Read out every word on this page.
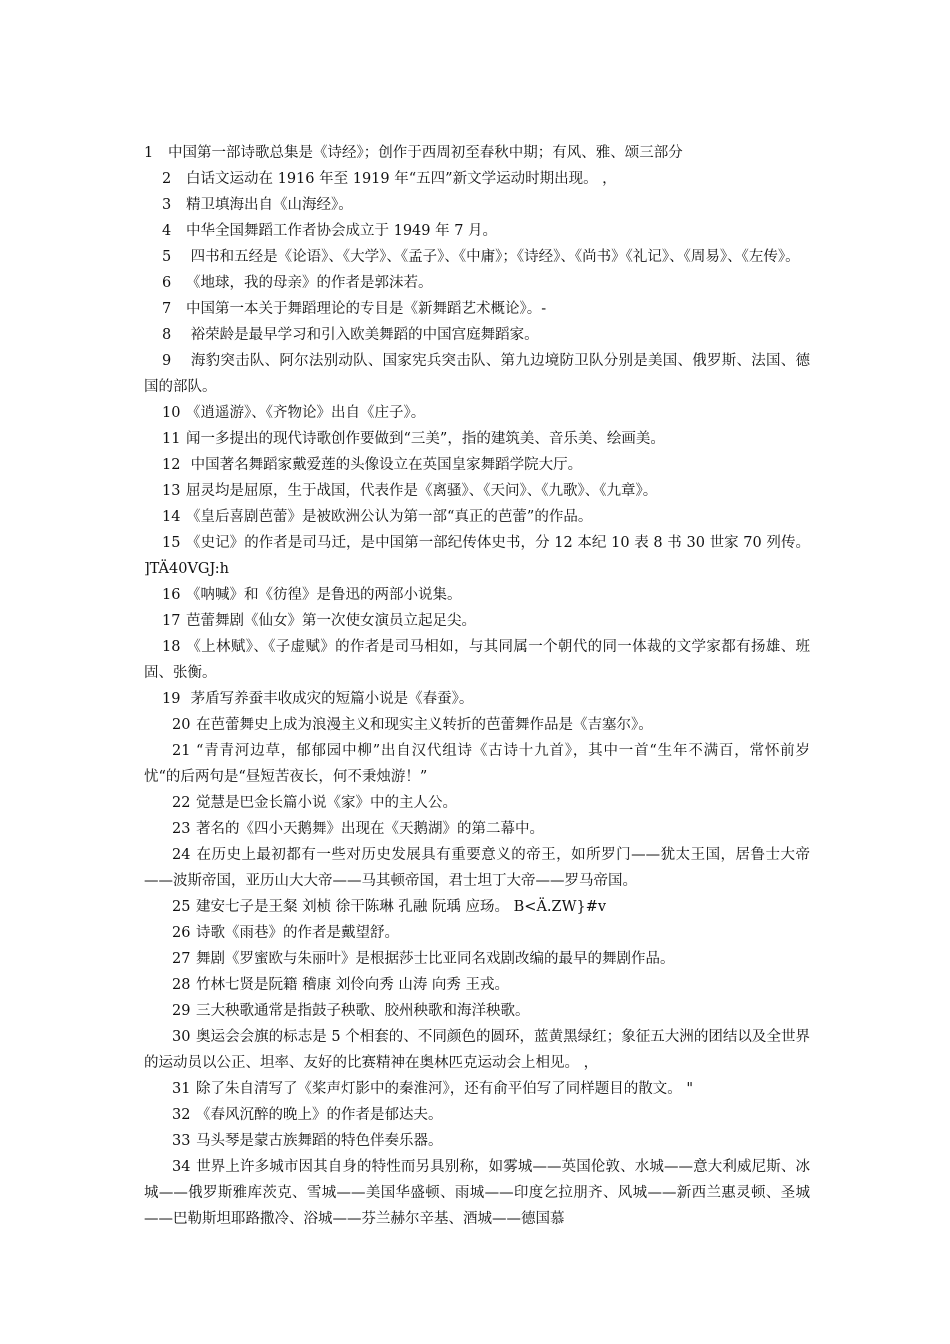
1 中国第一部诗歌总集是《诗经》；创作于西周初至春秋中期；有风、雅、颂三部分

2 白话文运动在 1916 年至 1919 年“五四”新文学运动时期出现。 ，

3 精卫填海出自《山海经》。

4 中华全国舞蹈工作者协会成立于 1949 年 7 月。

5 四书和五经是《论语》、《大学》、《孟子》、《中庸》；《诗经》、《尚书》《礼记》、《周易》、《左传》。

6 《地球，我的母亲》的作者是郭沫若。

7 中国第一本关于舞蹈理论的专目是《新舞蹈艺术概论》。-

8 裕荣龄是最早学习和引入欧美舞蹈的中国宫庭舞蹈家。

9 海豹突击队、阿尔法别动队、国家宪兵突击队、第九边境防卫队分别是美国、俄罗斯、法国、德国的部队。

10 《逍遥游》、《齐物论》出自《庄子》。

11 闻一多提出的现代诗歌创作要做到“三美”，指的建筑美、音乐美、绘画美。

12 中国著名舞蹈家戴爱莲的头像设立在英国皇家舞蹈学院大厅。

13 屈灵均是屈原，生于战国，代表作是《离骚》、《天问》、《九歌》、《九章》。

14 《皇后喜剧芭蕾》是被欧洲公认为第一部“真正的芭蕾”的作品。

15 《史记》的作者是司马迁，是中国第一部纪传体史书，分 12 本纪 10 表 8 书 30 世家 70 列传。 ]TÄ40VGJ:h

16 《呐喊》和《彷徨》是鲁迅的两部小说集。

17 芭蕾舞剧《仙女》第一次使女演员立起足尖。

18 《上林赋》、《子虚赋》的作者是司马相如，与其同属一个朝代的同一体裁的文学家都有扬雄、班固、张衡。

19 茅盾写养蚕丰收成灾的短篇小说是《春蚕》。

20 在芭蕾舞史上成为浪漫主义和现实主义转折的芭蕾舞作品是《吉塞尔》。

21 “青青河边草，郁郁园中柳”出自汉代组诗《古诗十九首》，其中一首“生年不满百，常怀前岁忧“的后两句是“昼短苦夜长，何不秉烛游！”

22 觉慧是巴金长篇小说《家》中的主人公。

23 著名的《四小天鹅舞》出现在《天鹅湖》的第二幕中。

24 在历史上最初都有一些对历史发展具有重要意义的帝王，如所罗门——犹太王国，居鲁士大帝——波斯帝国，亚历山大大帝——马其顿帝国，君士坦丁大帝——罗马帝国。

25 建安七子是王粲 刘桢 徐干陈琳 孔融 阮瑀 应玚。 B<Ä.ZW}#v

26 诗歌《雨巷》的作者是戴望舒。

27 舞剧《罗蜜欧与朱丽叶》是根据莎士比亚同名戏剧改编的最早的舞剧作品。

28 竹林七贤是阮籍 稽康 刘伶向秀 山涛 向秀 王戎。

29 三大秧歌通常是指鼓子秧歌、胶州秧歌和海洋秧歌。

30 奥运会会旗的标志是 5 个相套的、不同颜色的圆环，蓝黄黑绿红；象征五大洲的团结以及全世界的运动员以公正、坦率、友好的比赛精神在奥林匹克运动会上相见。 ，

31 除了朱自清写了《桨声灯影中的秦淮河》，还有俞平伯写了同样题目的散文。 "

32 《春风沉醉的晚上》的作者是郁达夫。

33 马头琴是蒙古族舞蹈的特色伴奏乐器。

34 世界上许多城市因其自身的特性而另具别称，如雾城——英国伦敦、水城——意大利威尼斯、冰城——俄罗斯雅库茨克、雪城——美国华盛顿、雨城——印度乞拉朋齐、风城——新西兰惠灵顿、圣城——巴勒斯坦耶路撒冷、浴城——芬兰赫尔辛基、酒城——德国慕
